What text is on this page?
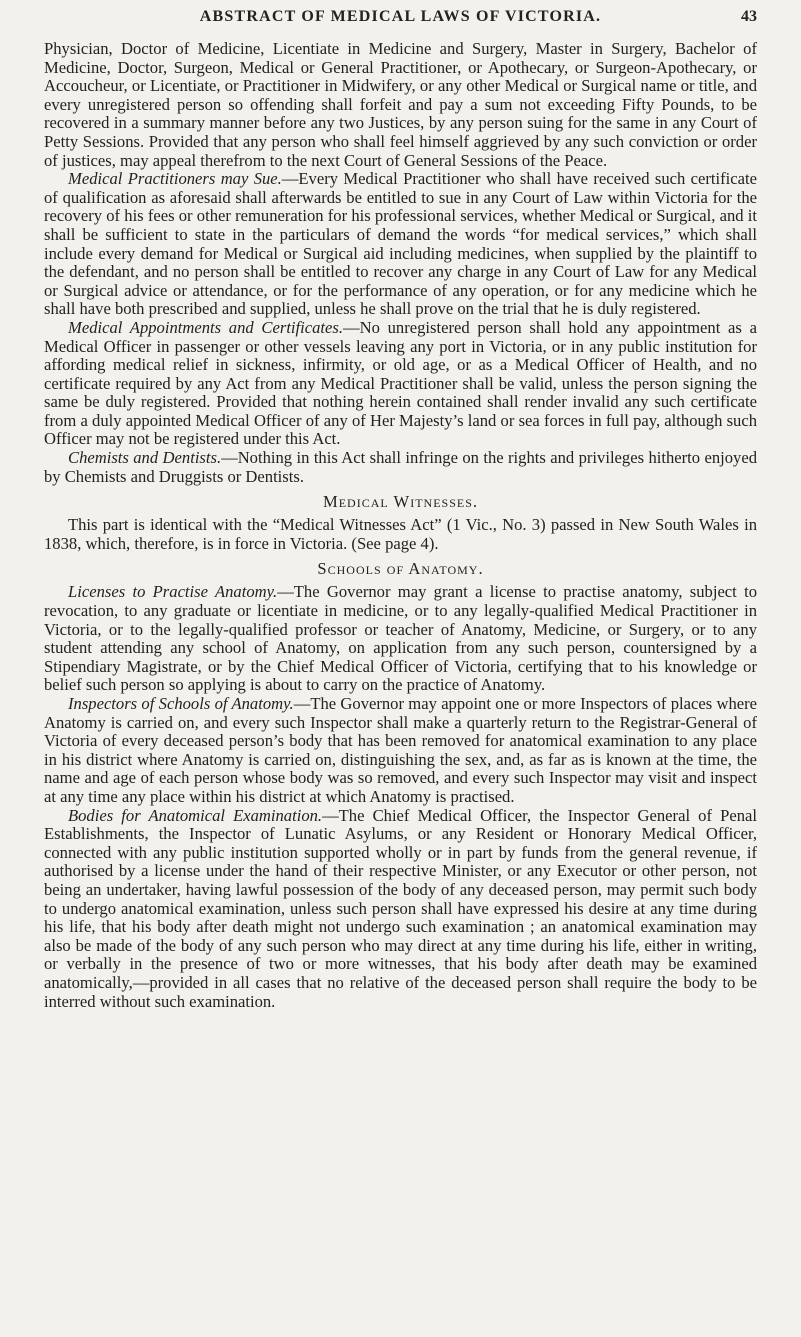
ABSTRACT OF MEDICAL LAWS OF VICTORIA.	43

Physician, Doctor of Medicine, Licentiate in Medicine and Surgery, Master in Surgery, Bachelor of Medicine, Doctor, Surgeon, Medical or General Practitioner, or Apothecary, or Surgeon-Apothecary, or Accoucheur, or Licentiate, or Practitioner in Midwifery, or any other Medical or Surgical name or title, and every unregistered person so offending shall forfeit and pay a sum not exceeding Fifty Pounds, to be recovered in a summary manner before any two Justices, by any person suing for the same in any Court of Petty Sessions. Provided that any person who shall feel himself aggrieved by any such conviction or order of justices, may appeal therefrom to the next Court of General Sessions of the Peace.

Medical Practitioners may Sue.—Every Medical Practitioner who shall have received such certificate of qualification as aforesaid shall afterwards be entitled to sue in any Court of Law within Victoria for the recovery of his fees or other remuneration for his professional services, whether Medical or Surgical, and it shall be sufficient to state in the particulars of demand the words “for medical services,” which shall include every demand for Medical or Surgical aid including medicines, when supplied by the plaintiff to the defendant, and no person shall be entitled to recover any charge in any Court of Law for any Medical or Surgical advice or attendance, or for the performance of any operation, or for any medicine which he shall have both prescribed and supplied, unless he shall prove on the trial that he is duly registered.

Medical Appointments and Certificates.—No unregistered person shall hold any appointment as a Medical Officer in passenger or other vessels leaving any port in Victoria, or in any public institution for affording medical relief in sickness, infirmity, or old age, or as a Medical Officer of Health, and no certificate required by any Act from any Medical Practitioner shall be valid, unless the person signing the same be duly registered. Provided that nothing herein contained shall render invalid any such certificate from a duly appointed Medical Officer of any of Her Majesty’s land or sea forces in full pay, although such Officer may not be registered under this Act.

Chemists and Dentists.—Nothing in this Act shall infringe on the rights and privileges hitherto enjoyed by Chemists and Druggists or Dentists.

Medical Witnesses.

This part is identical with the “Medical Witnesses Act” (1 Vic., No. 3) passed in New South Wales in 1838, which, therefore, is in force in Victoria. (See page 4).

Schools of Anatomy.

Licenses to Practise Anatomy.—The Governor may grant a license to practise anatomy, subject to revocation, to any graduate or licentiate in medicine, or to any legally-qualified Medical Practitioner in Victoria, or to the legally-qualified professor or teacher of Anatomy, Medicine, or Surgery, or to any student attending any school of Anatomy, on application from any such person, countersigned by a Stipendiary Magistrate, or by the Chief Medical Officer of Victoria, certifying that to his knowledge or belief such person so applying is about to carry on the practice of Anatomy.

Inspectors of Schools of Anatomy.—The Governor may appoint one or more Inspectors of places where Anatomy is carried on, and every such Inspector shall make a quarterly return to the Registrar-General of Victoria of every deceased person’s body that has been removed for anatomical examination to any place in his district where Anatomy is carried on, distinguishing the sex, and, as far as is known at the time, the name and age of each person whose body was so removed, and every such Inspector may visit and inspect at any time any place within his district at which Anatomy is practised.

Bodies for Anatomical Examination.—The Chief Medical Officer, the Inspector General of Penal Establishments, the Inspector of Lunatic Asylums, or any Resident or Honorary Medical Officer, connected with any public institution supported wholly or in part by funds from the general revenue, if authorised by a license under the hand of their respective Minister, or any Executor or other person, not being an undertaker, having lawful possession of the body of any deceased person, may permit such body to undergo anatomical examination, unless such person shall have expressed his desire at any time during his life, that his body after death might not undergo such examination ; an anatomical examination may also be made of the body of any such person who may direct at any time during his life, either in writing, or verbally in the presence of two or more witnesses, that his body after death may be examined anatomically,—provided in all cases that no relative of the deceased person shall require the body to be interred without such examination.
